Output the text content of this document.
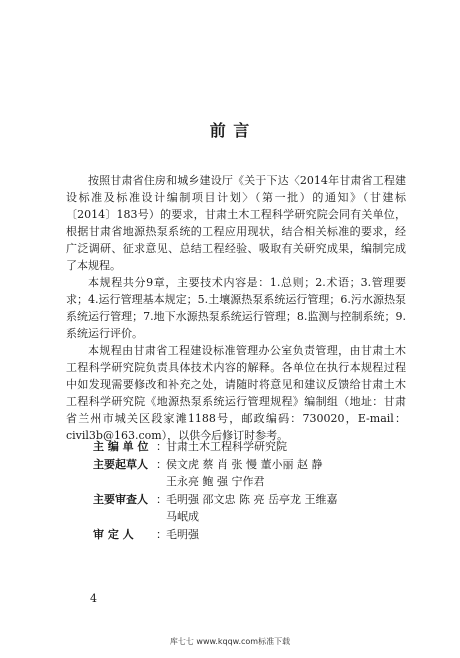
前 言

按照甘肃省住房和城乡建设厅《关于下达〈2014年甘肃省工程建设标准及标准设计编制项目计划〉（第一批）的通知》（甘建标〔2014〕183号）的要求，甘肃土木工程科学研究院会同有关单位，根据甘肃省地源热泵系统的工程应用现状，结合相关标准的要求，经广泛调研、征求意见、总结工程经验、吸取有关研究成果，编制完成了本规程。

本规程共分9章，主要技术内容是：1.总则；2.术语；3.管理要求；4.运行管理基本规定；5.土壤源热泵系统运行管理；6.污水源热泵系统运行管理；7.地下水源热泵系统运行管理；8.监测与控制系统；9.系统运行评价。

本规程由甘肃省工程建设标准管理办公室负责管理，由甘肃土木工程科学研究院负责具体技术内容的解释。各单位在执行本规程过程中如发现需要修改和补充之处，请随时将意见和建议反馈给甘肃土木工程科学研究院《地源热泵系统运行管理规程》编制组（地址：甘肃省兰州市城关区段家滩1188号，邮政编码：730020，E-mail：civil3b@163.com），以供今后修订时参考。

主 编 单 位 ： 甘肃土木工程科学研究院
主要起草人 ： 侯文虎 蔡 肖 张 慢 董小丽 赵 静
王永亮 鲍 强 宁作君
主要审查人 ： 毛明强 邵文忠 陈 亮 岳亭龙 王维嘉
马岷成
审 定 人	： 毛明强
4
库七七 www.kqqw.com标准下载
